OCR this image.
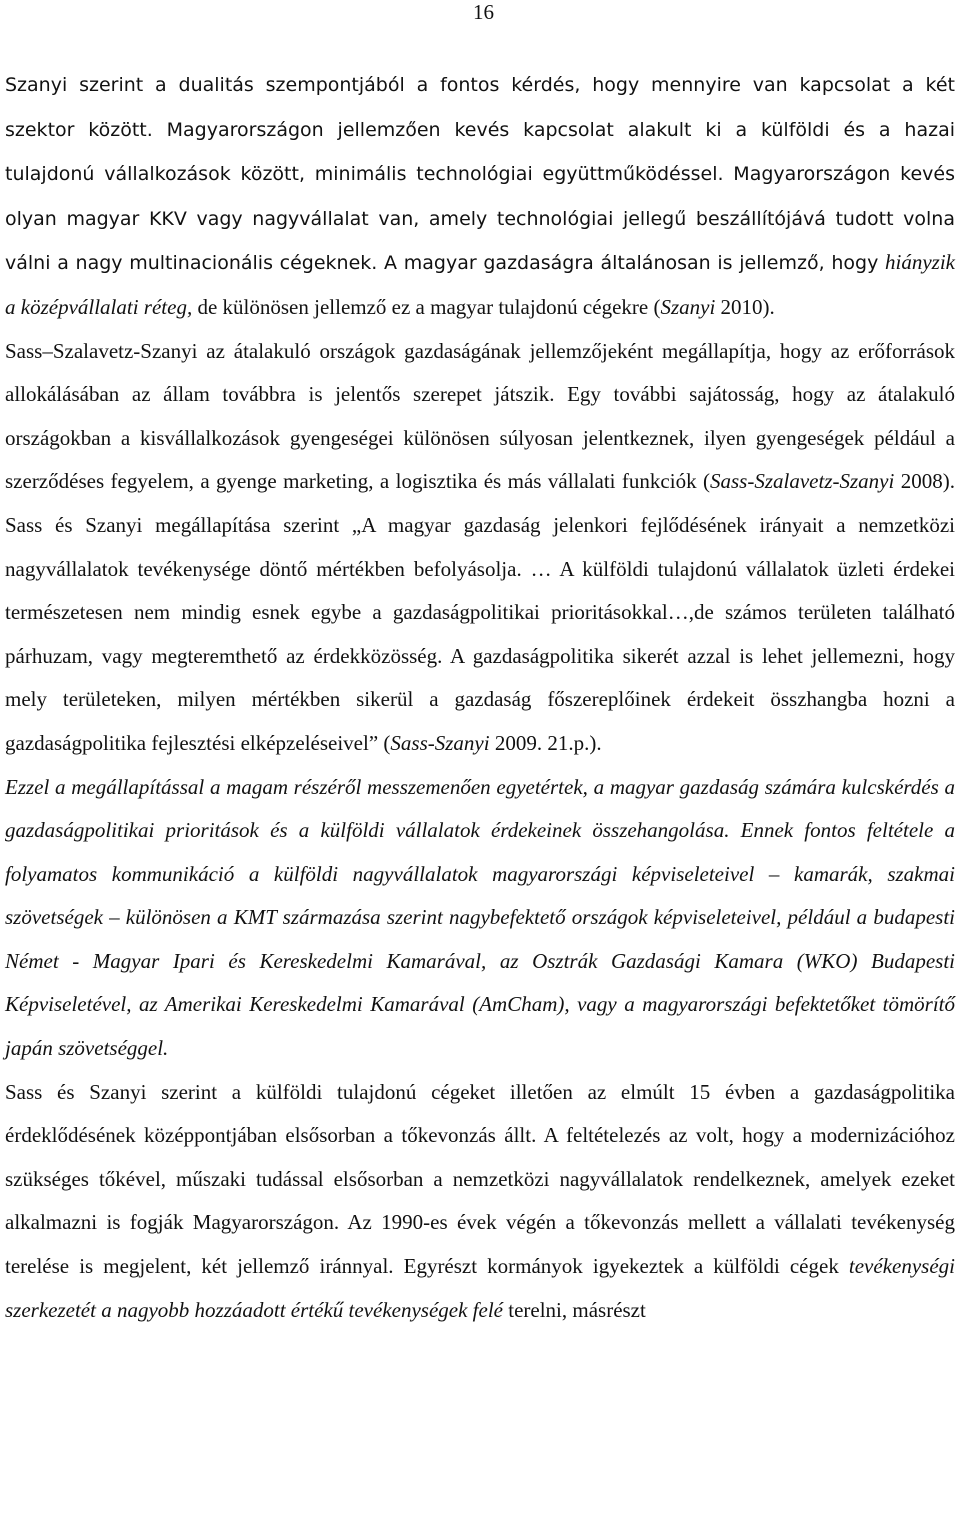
16

Szanyi szerint a dualitás szempontjából a fontos kérdés, hogy mennyire van kapcsolat a két szektor között. Magyarországon jellemzően kevés kapcsolat alakult ki a külföldi és a hazai tulajdonú vállalkozások között, minimális technológiai együttműködéssel. Magyarországon kevés olyan magyar KKV vagy nagyvállalat van, amely technológiai jellegű beszállítójává tudott volna válni a nagy multinacionális cégeknek. A magyar gazdaságra általánosan is jellemző, hogy hiányzik a középvállalati réteg, de különösen jellemző ez a magyar tulajdonú cégekre (Szanyi 2010).

Sass–Szalavetz-Szanyi az átalakuló országok gazdaságának jellemzőjeként megállapítja, hogy az erőforrások allokálásában az állam továbbra is jelentős szerepet játszik. Egy további sajátosság, hogy az átalakuló országokban a kisvállalkozások gyengeségei különösen súlyosan jelentkeznek, ilyen gyengeségek például a szerződéses fegyelem, a gyenge marketing, a logisztika és más vállalati funkciók (Sass-Szalavetz-Szanyi 2008). Sass és Szanyi megállapítása szerint „A magyar gazdaság jelenkori fejlődésének irányait a nemzetközi nagyvállalatok tevékenysége döntő mértékben befolyásolja. … A külföldi tulajdonú vállalatok üzleti érdekei természetesen nem mindig esnek egybe a gazdaságpolitikai prioritásokkal…,de számos területen található párhuzam, vagy megteremthető az érdekközösség. A gazdaságpolitika sikerét azzal is lehet jellemezni, hogy mely területeken, milyen mértékben sikerül a gazdaság főszereplőinek érdekeit összhangba hozni a gazdaságpolitika fejlesztési elképzeléseivel” (Sass-Szanyi 2009. 21.p.).

Ezzel a megállapítással a magam részéről messzemenően egyetértek, a magyar gazdaság számára kulcskérdés a gazdaságpolitikai prioritások és a külföldi vállalatok érdekeinek összehangolása. Ennek fontos feltétele a folyamatos kommunikáció a külföldi nagyvállalatok magyarországi képviseleteivel – kamarák, szakmai szövetségek – különösen a KMT származása szerint nagybefektető országok képviseleteivel, például a budapesti Német - Magyar Ipari és Kereskedelmi Kamarával, az Osztrák Gazdasági Kamara (WKO) Budapesti Képviseletével, az Amerikai Kereskedelmi Kamarával (AmCham), vagy a magyarországi befektetőket tömörítő japán szövetséggel.

Sass és Szanyi szerint a külföldi tulajdonú cégeket illetően az elmúlt 15 évben a gazdaságpolitika érdeklődésének középpontjában elsősorban a tőkevonzás állt. A feltételezés az volt, hogy a modernizációhoz szükséges tőkével, műszaki tudással elsősorban a nemzetközi nagyvállalatok rendelkeznek, amelyek ezeket alkalmazni is fogják Magyarországon. Az 1990-es évek végén a tőkevonzás mellett a vállalati tevékenység terelése is megjelent, két jellemző iránnyal. Egyrészt kormányok igyekeztek a külföldi cégek tevékenységi szerkezetét a nagyobb hozzáadott értékű tevékenységek felé terelni, másrészt
